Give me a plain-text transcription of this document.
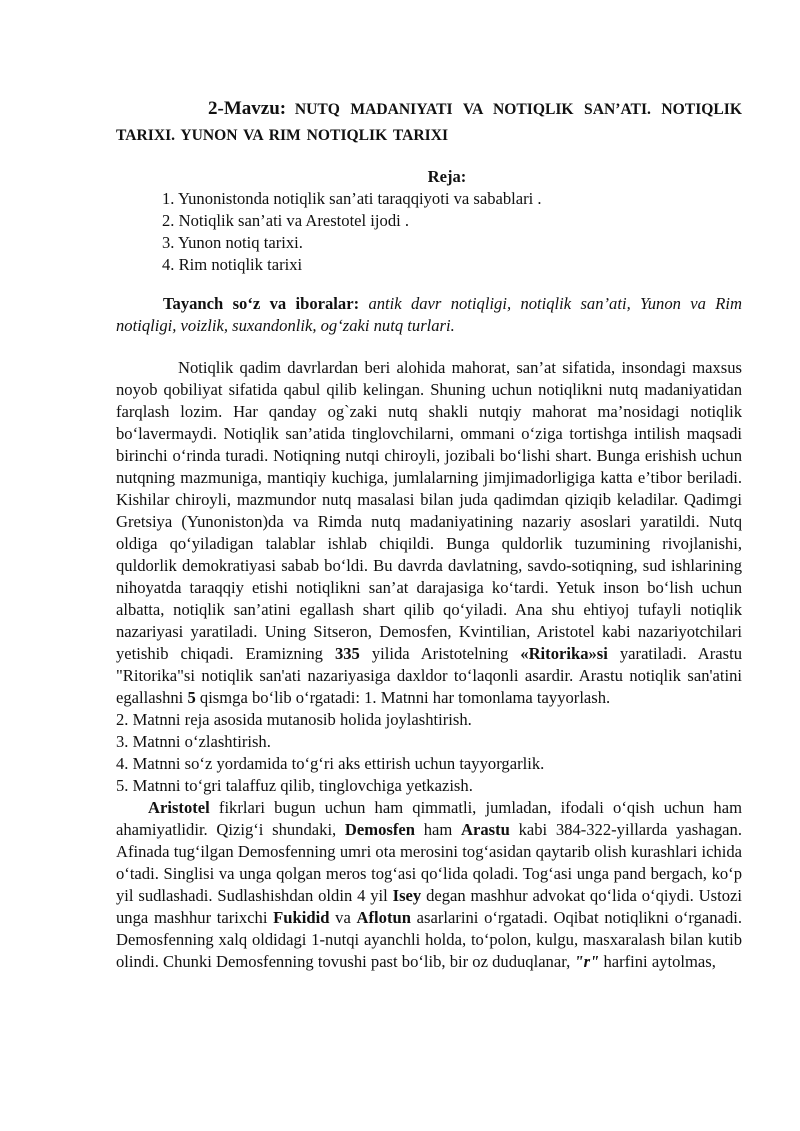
2-Mavzu: NUTQ MADANIYATI VA NOTIQLIK SAN’ATI. NOTIQLIK TARIXI. YUNON VA RIM NOTIQLIK TARIXI

Reja:

1. Yunonistonda notiqlik san’ati taraqqiyoti va sabablari .
2. Notiqlik san’ati va Arestotel ijodi .
3. Yunon notiq tarixi.
4. Rim notiqlik tarixi

Tayanch so‘z va iboralar: antik davr notiqligi, notiqlik san’ati, Yunon va Rim notiqligi, voizlik, suxandonlik, og‘zaki nutq turlari.

Notiqlik qadim davrlardan beri alohida mahorat, san’at sifatida, insondagi maxsus noyob qobiliyat sifatida qabul qilib kelingan. Shuning uchun notiqlikni nutq madaniyatidan farqlash lozim. Har qanday og`zaki nutq shakli nutqiy mahorat ma’nosidagi notiqlik bo‘lavermaydi. Notiqlik san’atida tinglovchilarni, ommani o‘ziga tortishga intilish maqsadi birinchi o‘rinda turadi. Notiqning nutqi chiroyli, jozibali bo‘lishi shart. Bunga erishish uchun nutqning mazmuniga, mantiqiy kuchiga, jumlalarning jimjimadorligiga katta e’tibor beriladi. Kishilar chiroyli, mazmundor nutq masalasi bilan juda qadimdan qiziqib keladilar. Qadimgi Gretsiya (Yunoniston)da va Rimda nutq madaniyatining nazariy asoslari yaratildi. Nutq oldiga qo‘yiladigan talablar ishlab chiqildi. Bunga quldorlik tuzumining rivojlanishi, quldorlik demokratiyasi sabab bo‘ldi. Bu davrda davlatning, savdo-sotiqning, sud ishlarining nihoyatda taraqqiy etishi notiqlikni san’at darajasiga ko‘tardi. Yetuk inson bo‘lish uchun albatta, notiqlik san’atini egallash shart qilib qo‘yiladi. Ana shu ehtiyoj tufayli notiqlik nazariyasi yaratiladi. Uning Sitseron, Demosfen, Kvintilian, Aristotel kabi nazariyotchilari yetishib chiqadi. Eramizning 335 yilida Aristotelning «Ritorika»si yaratiladi. Arastu "Ritorika"si notiqlik san'ati nazariyasiga daxldor to‘laqonli asardir. Arastu notiqlik san'atini egallashni 5 qismga bo‘lib o‘rgatadi: 1. Matnni har tomonlama tayyorlash.

2. Matnni reja asosida mutanosib holida joylashtirish.

3. Matnni o‘zlashtirish.

4. Matnni so‘z yordamida to‘g‘ri aks ettirish uchun tayyorgarlik.

5. Matnni to‘gri talaffuz qilib, tinglovchiga yetkazish.

Aristotel fikrlari bugun uchun ham qimmatli, jumladan, ifodali o‘qish uchun ham ahamiyatlidir. Qizig‘i shundaki, Demosfen ham Arastu kabi 384-322-yillarda yashagan. Afinada tug‘ilgan Demosfenning umri ota merosini tog‘asidan qaytarib olish kurashlari ichida o‘tadi. Singlisi va unga qolgan meros tog‘asi qo‘lida qoladi. Tog‘asi unga pand bergach, ko‘p yil sudlashadi. Sudlashishdan oldin 4 yil Isey degan mashhur advokat qo‘lida o‘qiydi. Ustozi unga mashhur tarixchi Fukidid va Aflotun asarlarini o‘rgatadi. Oqibat notiqlikni o‘rganadi. Demosfenning xalq oldidagi 1-nutqi ayanchli holda, to‘polon, kulgu, masxaralash bilan kutib olindi. Chunki Demosfenning tovushi past bo‘lib, bir oz duduqlanar, "r" harfini aytolmas,
